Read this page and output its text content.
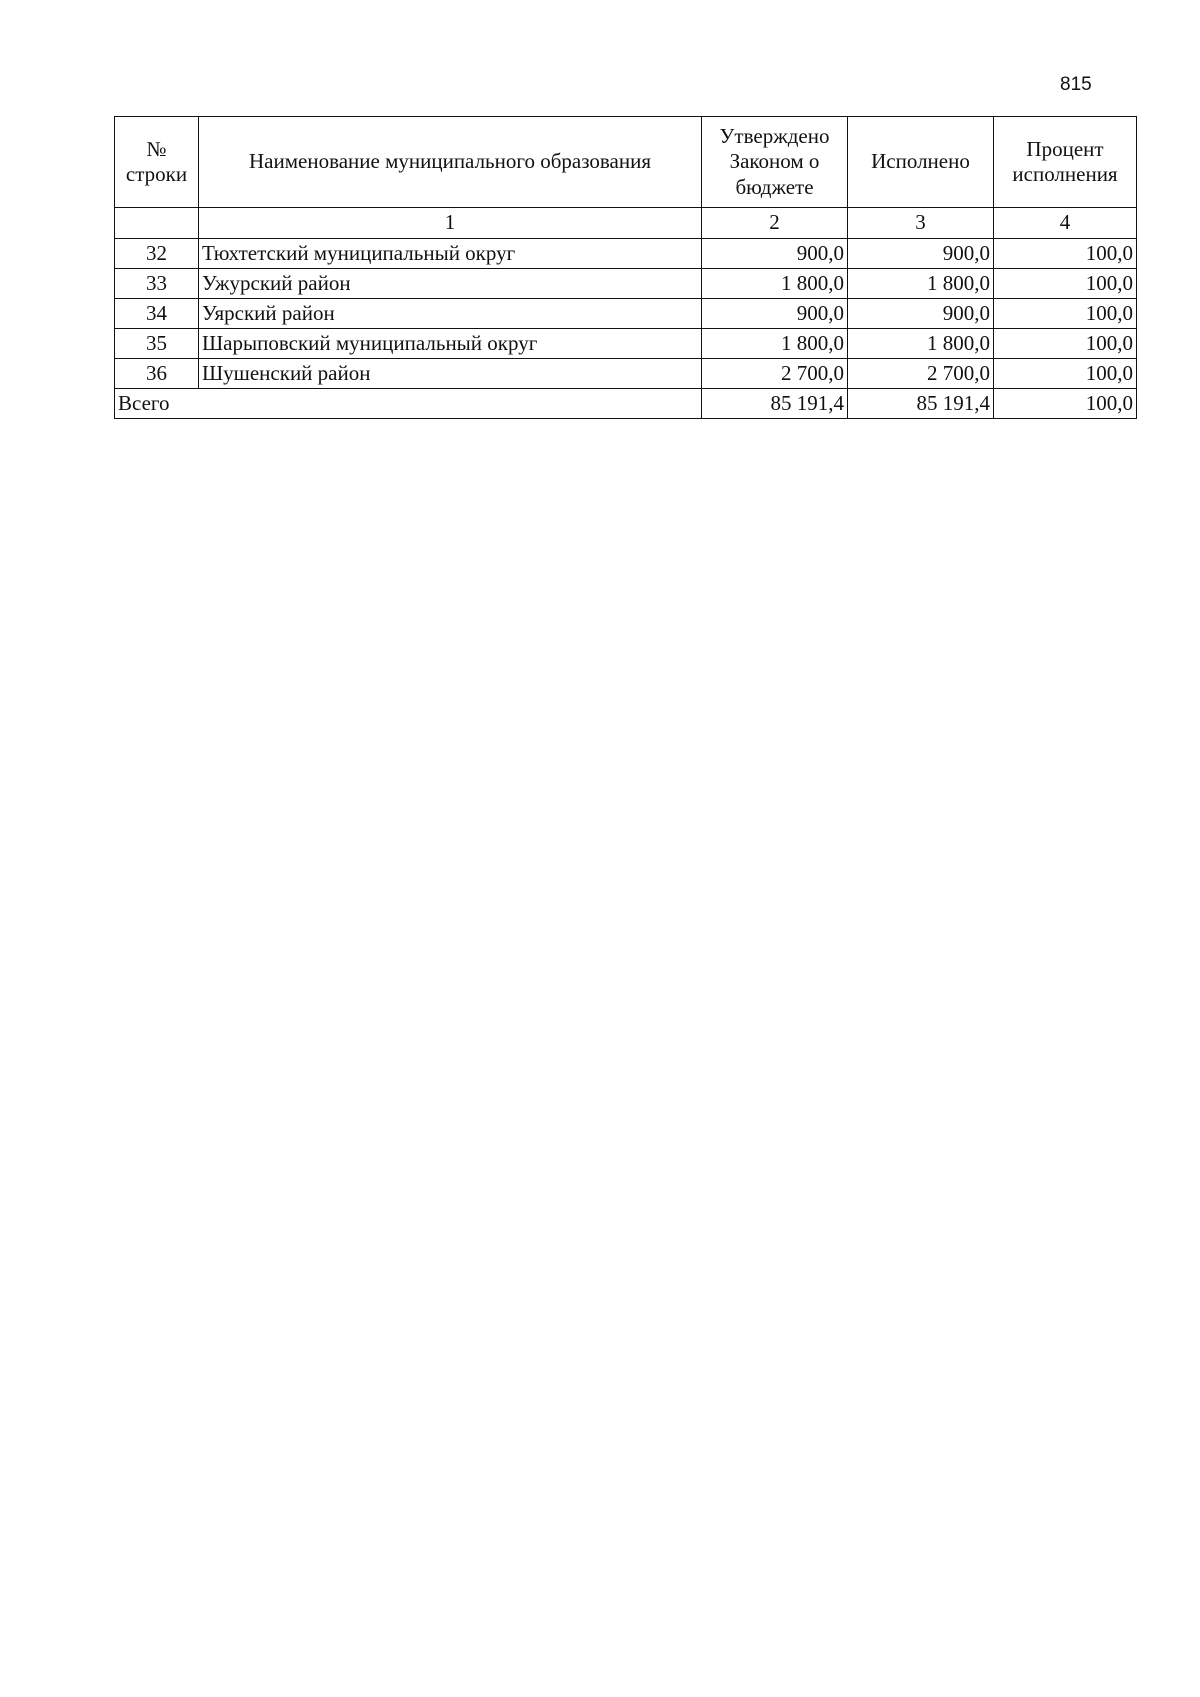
815
№ строки	Наименование муниципального образования	Утверждено Законом о бюджете	Исполнено	Процент исполнения
	1	2	3	4
32	Тюхтетский муниципальный округ	900,0	900,0	100,0
33	Ужурский район	1 800,0	1 800,0	100,0
34	Уярский район	900,0	900,0	100,0
35	Шарыповский муниципальный округ	1 800,0	1 800,0	100,0
36	Шушенский район	2 700,0	2 700,0	100,0
Всего		85 191,4	85 191,4	100,0
